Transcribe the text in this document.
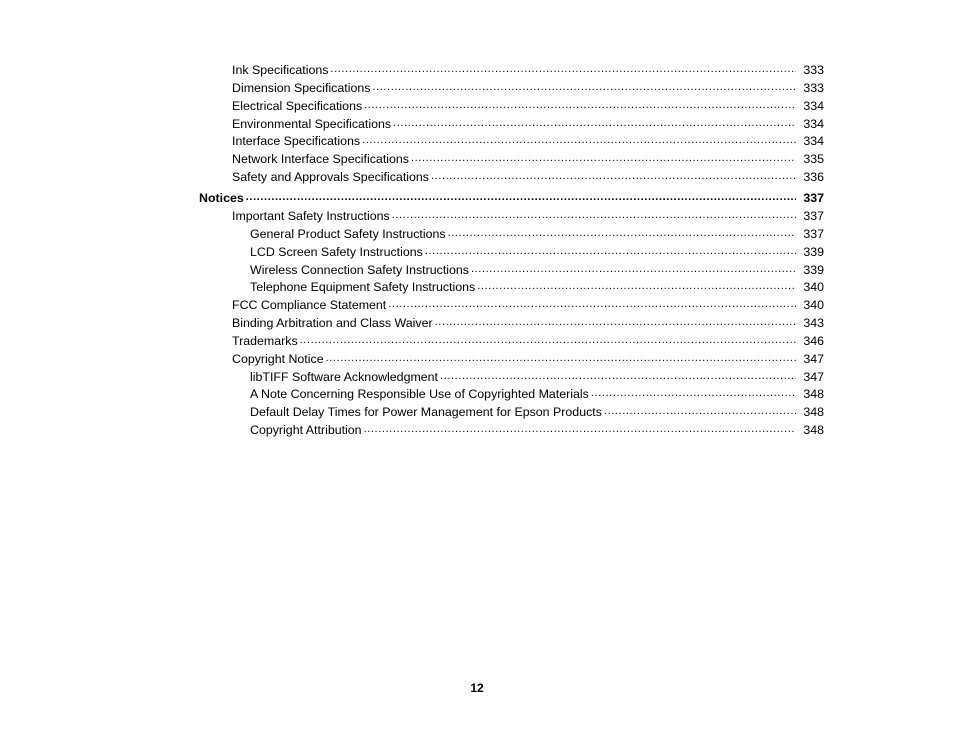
Ink Specifications .....	333
Dimension Specifications .....	333
Electrical Specifications .....	334
Environmental Specifications .....	334
Interface Specifications .....	334
Network Interface Specifications .....	335
Safety and Approvals Specifications .....	336
Notices .....	337
Important Safety Instructions .....	337
General Product Safety Instructions .....	337
LCD Screen Safety Instructions .....	339
Wireless Connection Safety Instructions .....	339
Telephone Equipment Safety Instructions .....	340
FCC Compliance Statement .....	340
Binding Arbitration and Class Waiver .....	343
Trademarks .....	346
Copyright Notice .....	347
libTIFF Software Acknowledgment .....	347
A Note Concerning Responsible Use of Copyrighted Materials .....	348
Default Delay Times for Power Management for Epson Products .....	348
Copyright Attribution .....	348
12
